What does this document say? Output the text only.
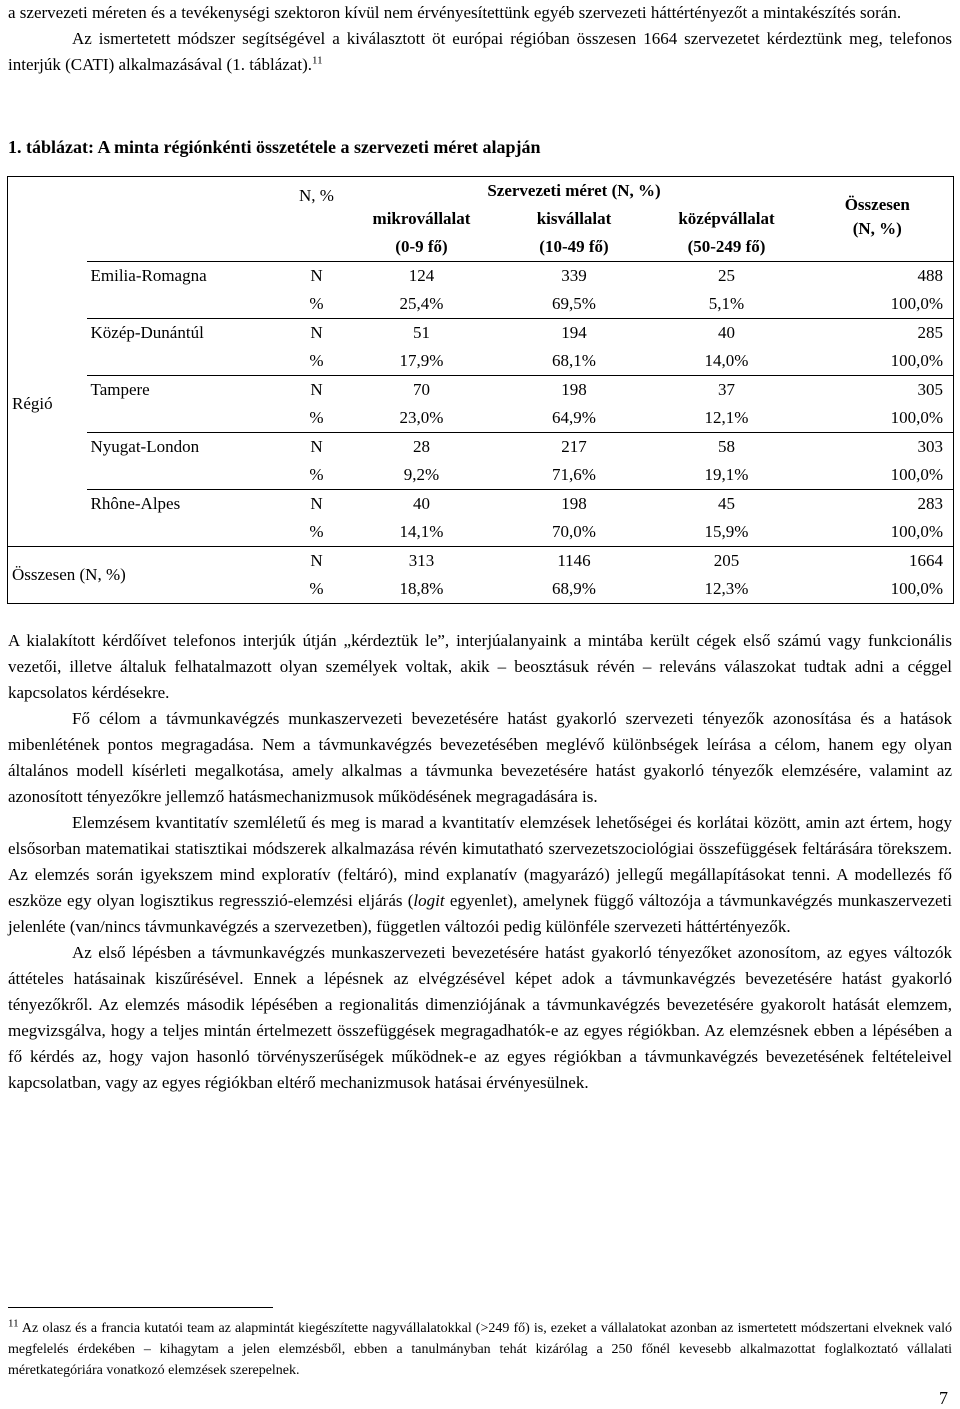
a szervezeti méreten és a tevékenységi szektoron kívül nem érvényesítettünk egyéb szervezeti háttértényezőt a mintakészítés során.

Az ismertetett módszer segítségével a kiválasztott öt európai régióban összesen 1664 szervezetet kérdeztünk meg, telefonos interjúk (CATI) alkalmazásával (1. táblázat).$^{11}$

1. táblázat: A minta régiónkénti összetétele a szervezeti méret alapján

		N, %	Szervezeti méret (N, %)			Összesen
(N, %)

			mikrovállalat	kisvállalat	középvállalat	
			(0-9 fő)	(10-49 fő)	(50-249 fő)	
Régió	Emilia-Romagna	N	124	339	25	488
		%	25,4%	69,5%	5,1%	100,0%
	Közép-Dunántúl	N	51	194	40	285
		%	17,9%	68,1%	14,0%	100,0%
	Tampere	N	70	198	37	305
		%	23,0%	64,9%	12,1%	100,0%
	Nyugat-London	N	28	217	58	303
		%	9,2%	71,6%	19,1%	100,0%
	Rhône-Alpes	N	40	198	45	283
		%	14,1%	70,0%	15,9%	100,0%
Összesen (N, %)		N	313	1146	205	1664
		%	18,8%	68,9%	12,3%	100,0%

A kialakított kérdőívet telefonos interjúk útján „kérdeztük le”, interjúalanyaink a mintába került cégek első számú vagy funkcionális vezetői, illetve általuk felhatalmazott olyan személyek voltak, akik – beosztásuk révén – releváns válaszokat tudtak adni a céggel kapcsolatos kérdésekre.

Fő célom a távmunkavégzés munkaszervezeti bevezetésére hatást gyakorló szervezeti tényezők azonosítása és a hatások mibenlétének pontos megragadása. Nem a távmunkavégzés bevezetésében meglévő különbségek leírása a célom, hanem egy olyan általános modell kísérleti megalkotása, amely alkalmas a távmunka bevezetésére hatást gyakorló tényezők elemzésére, valamint az azonosított tényezőkre jellemző hatásmechanizmusok működésének megragadására is.

Elemzésem kvantitatív szemléletű és meg is marad a kvantitatív elemzések lehetőségei és korlátai között, amin azt értem, hogy elsősorban matematikai statisztikai módszerek alkalmazása révén kimutatható szervezetszociológiai összefüggések feltárására törekszem. Az elemzés során igyekszem mind exploratív (feltáró), mind explanatív (magyarázó) jellegű megállapításokat tenni. A modellezés fő eszköze egy olyan logisztikus regresszió-elemzési eljárás (logit egyenlet), amelynek függő változója a távmunkavégzés munkaszervezeti jelenléte (van/nincs távmunkavégzés a szervezetben), független változói pedig különféle szervezeti háttértényezők.

Az első lépésben a távmunkavégzés munkaszervezeti bevezetésére hatást gyakorló tényezőket azonosítom, az egyes változók áttételes hatásainak kiszűrésével. Ennek a lépésnek az elvégzésével képet adok a távmunkavégzés bevezetésére hatást gyakorló tényezőkről. Az elemzés második lépésében a regionalitás dimenziójának a távmunkavégzés bevezetésére gyakorolt hatását elemzem, megvizsgálva, hogy a teljes mintán értelmezett összefüggések megragadhatók-e az egyes régiókban. Az elemzésnek ebben a lépésében a fő kérdés az, hogy vajon hasonló törvényszerűségek működnek-e az egyes régiókban a távmunkavégzés bevezetésének feltételeivel kapcsolatban, vagy az egyes régiókban eltérő mechanizmusok hatásai érvényesülnek.

$^{11}$ Az olasz és a francia kutatói team az alapmintát kiegészítette nagyvállalatokkal (>249 fő) is, ezeket a vállalatokat azonban az ismertetett módszertani elveknek való megfelelés érdekében – kihagytam a jelen elemzésből, ebben a tanulmányban tehát kizárólag a 250 főnél kevesebb alkalmazottat foglalkoztató vállalati méretkategóriára vonatkozó elemzések szerepelnek.

7
